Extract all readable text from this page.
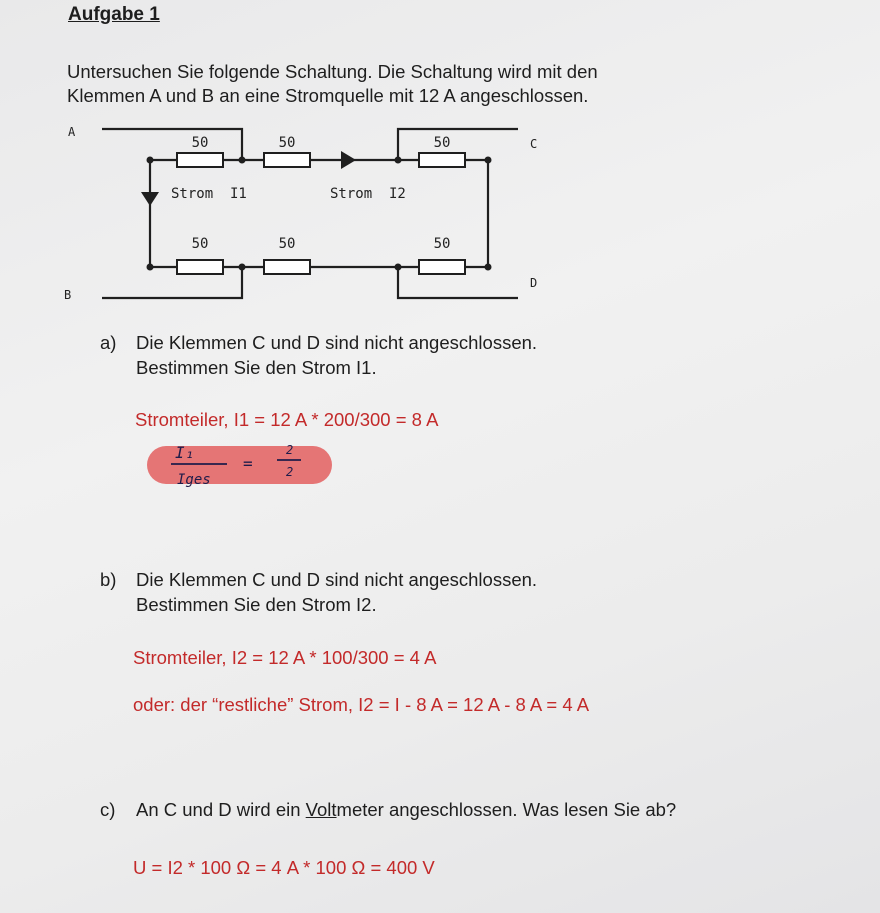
Aufgabe 1
Untersuchen Sie folgende Schaltung. Die Schaltung wird mit den
Klemmen A und B an eine Stromquelle mit 12 A angeschlossen.
50	50	50
50	50	50
Strom  I1	Strom  I2
A
B
C
D
a) Die Klemmen C und D sind nicht angeschlossen.
Bestimmen Sie den Strom I1.
Stromteiler, I1 = 12 A * 200/300 = 8 A
I₁
Iges
=
2
2
b) Die Klemmen C und D sind nicht angeschlossen.
Bestimmen Sie den Strom I2.
Stromteiler, I2 = 12 A * 100/300 = 4 A
oder: der “restliche” Strom, I2 = I - 8 A = 12 A - 8 A = 4 A
c) An C und D wird ein Voltmeter angeschlossen. Was lesen Sie ab?
U = I2 * 100 Ω = 4 A * 100 Ω = 400 V
